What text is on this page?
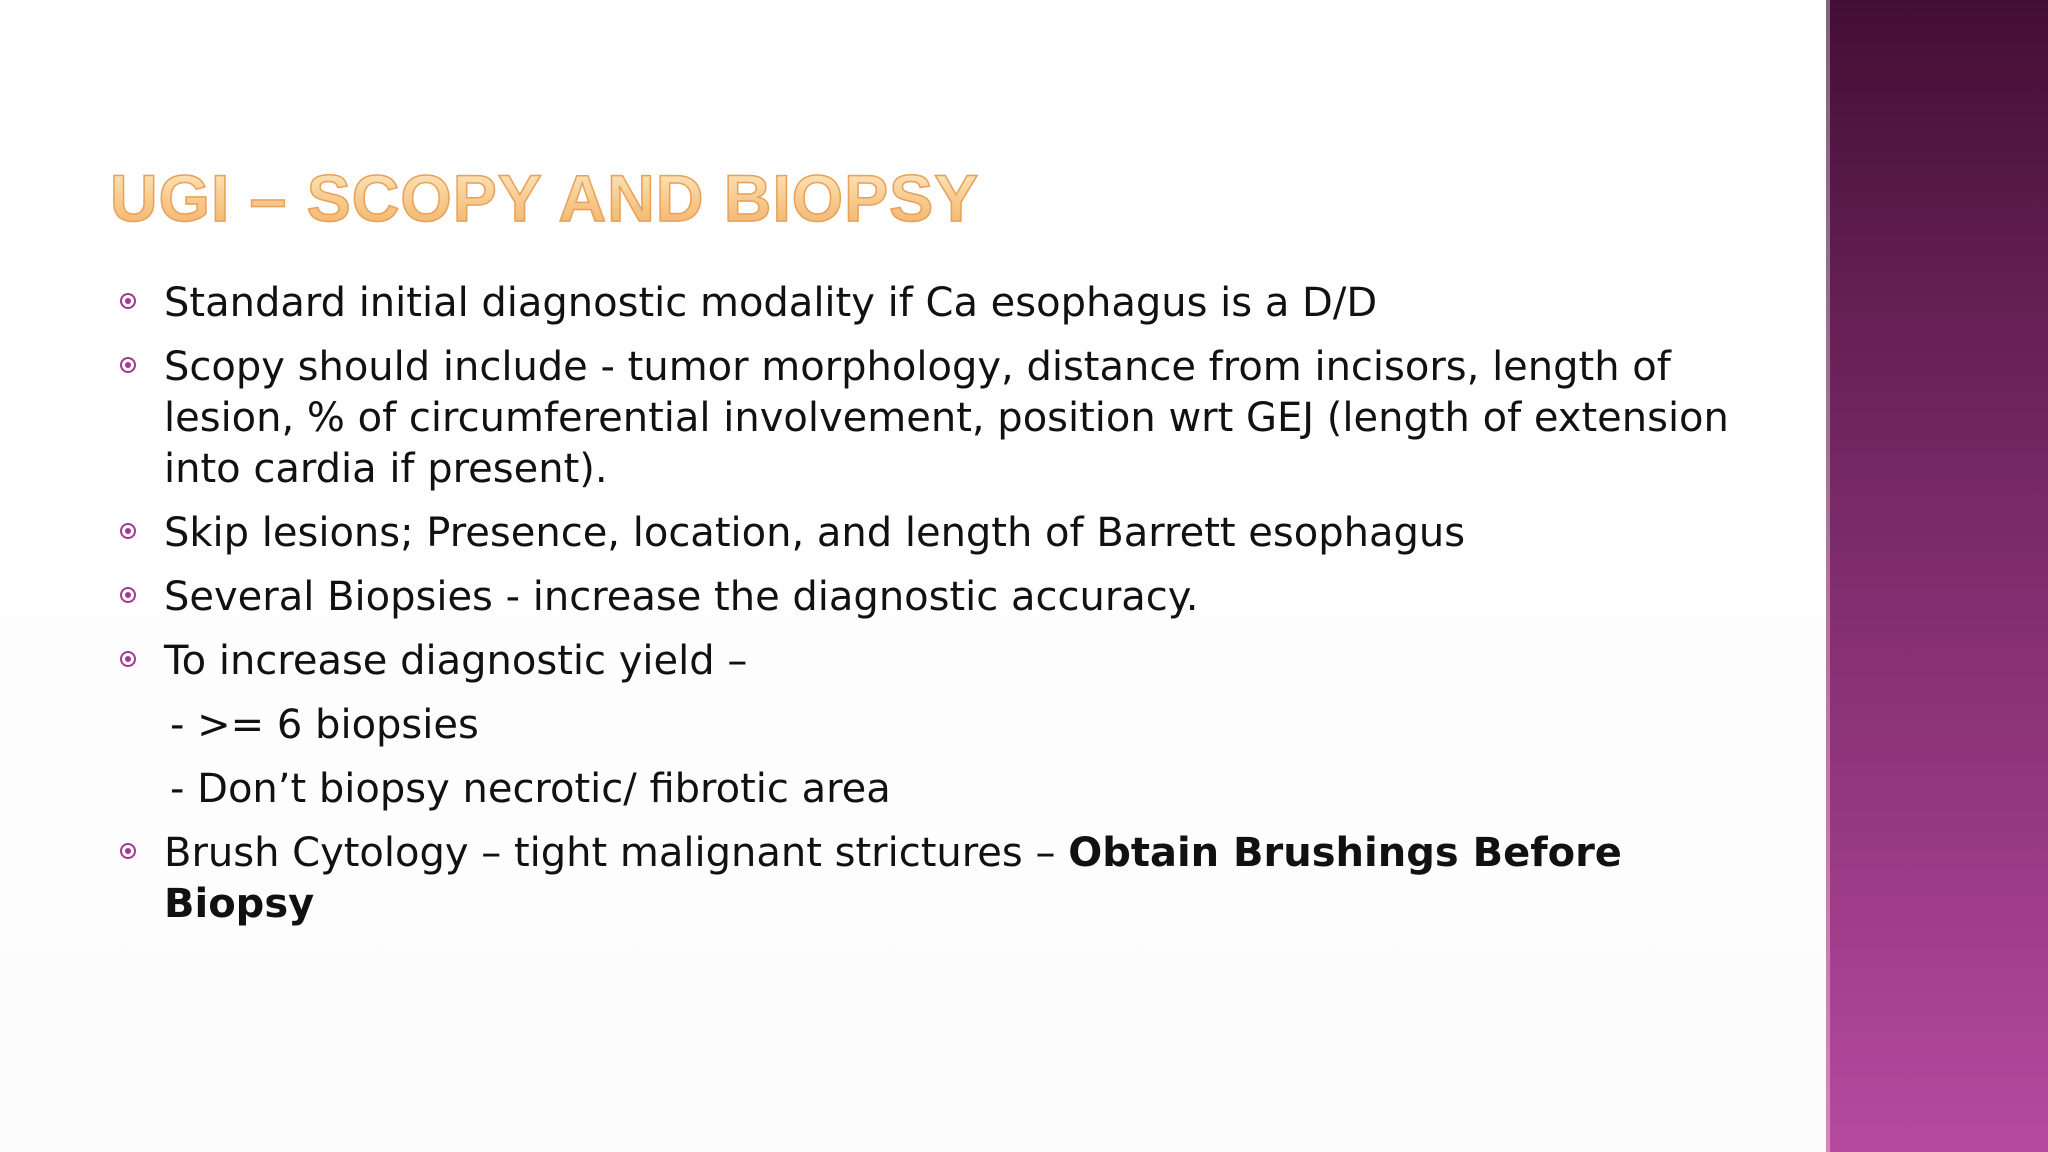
UGI – SCOPY AND BIOPSY
Standard initial diagnostic modality if Ca esophagus is a D/D
Scopy should include - tumor morphology, distance from incisors, length of lesion, % of circumferential involvement, position wrt GEJ (length of extension into cardia if present).
Skip lesions; Presence, location, and length of Barrett esophagus
Several Biopsies - increase the diagnostic accuracy.
To increase diagnostic yield –
- >= 6 biopsies
- Don’t biopsy necrotic/ fibrotic area
Brush Cytology – tight malignant strictures – Obtain Brushings Before Biopsy
